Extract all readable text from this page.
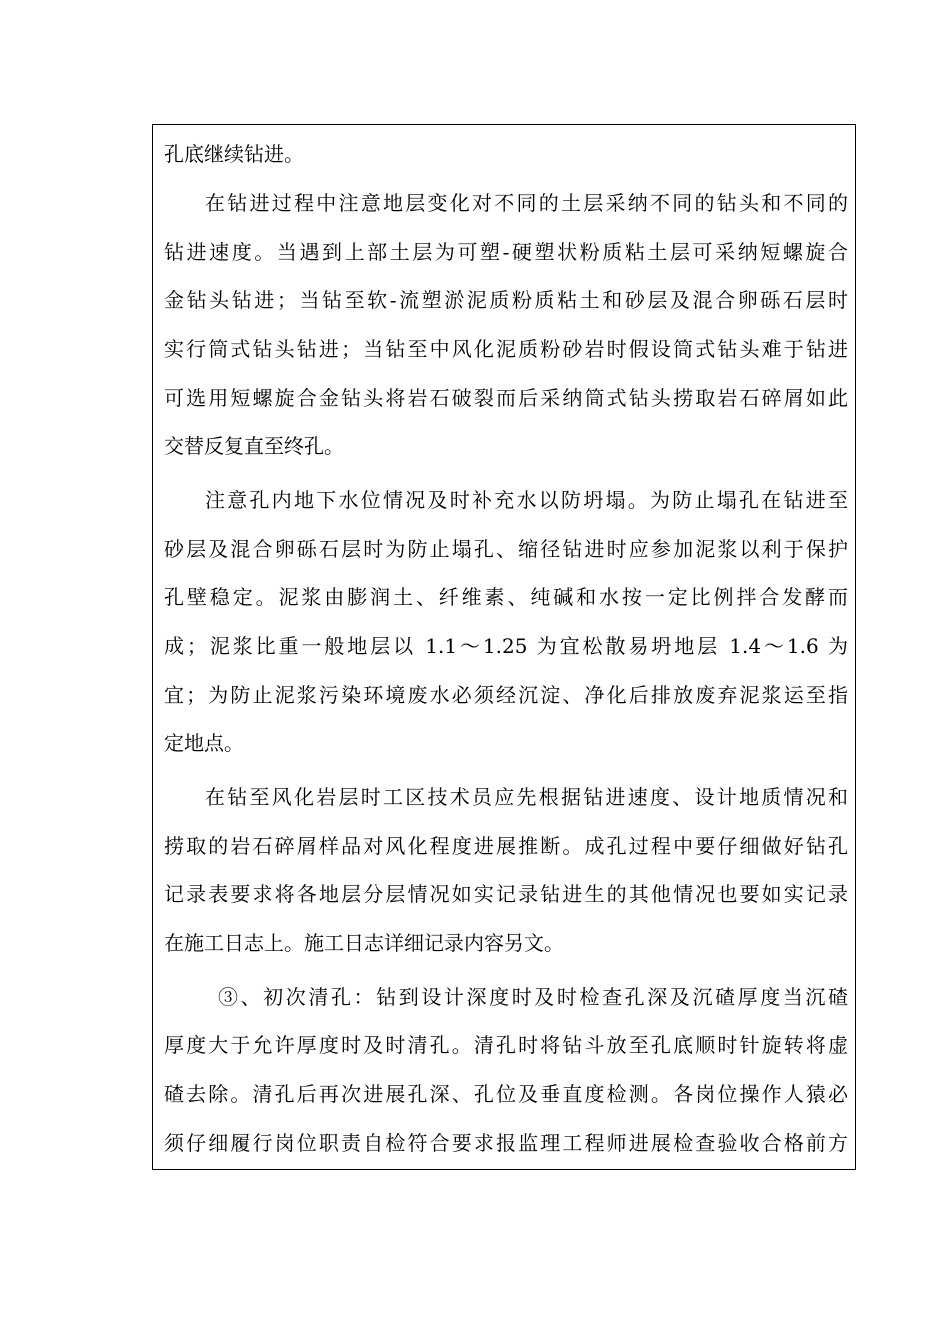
孔底继续钻进。
在钻进过程中注意地层变化对不同的土层采纳不同的钻头和不同的
钻进速度。当遇到上部土层为可塑-硬塑状粉质粘土层可采纳短螺旋合
金钻头钻进；当钻至软-流塑淤泥质粉质粘土和砂层及混合卵砾石层时
实行筒式钻头钻进；当钻至中风化泥质粉砂岩时假设筒式钻头难于钻进
可选用短螺旋合金钻头将岩石破裂而后采纳筒式钻头捞取岩石碎屑如此
交替反复直至终孔。
注意孔内地下水位情况及时补充水以防坍塌。为防止塌孔在钻进至
砂层及混合卵砾石层时为防止塌孔、缩径钻进时应参加泥浆以利于保护
孔壁稳定。泥浆由膨润土、纤维素、纯碱和水按一定比例拌合发酵而
成；泥浆比重一般地层以 1.1～1.25 为宜松散易坍地层 1.4～1.6 为
宜；为防止泥浆污染环境废水必须经沉淀、净化后排放废弃泥浆运至指
定地点。
在钻至风化岩层时工区技术员应先根据钻进速度、设计地质情况和
捞取的岩石碎屑样品对风化程度进展推断。成孔过程中要仔细做好钻孔
记录表要求将各地层分层情况如实记录钻进生的其他情况也要如实记录
在施工日志上。施工日志详细记录内容另文。
③、初次清孔：钻到设计深度时及时检查孔深及沉碴厚度当沉碴
厚度大于允许厚度时及时清孔。清孔时将钻斗放至孔底顺时针旋转将虚
碴去除。清孔后再次进展孔深、孔位及垂直度检测。各岗位操作人猿必
须仔细履行岗位职责自检符合要求报监理工程师进展检查验收合格前方
